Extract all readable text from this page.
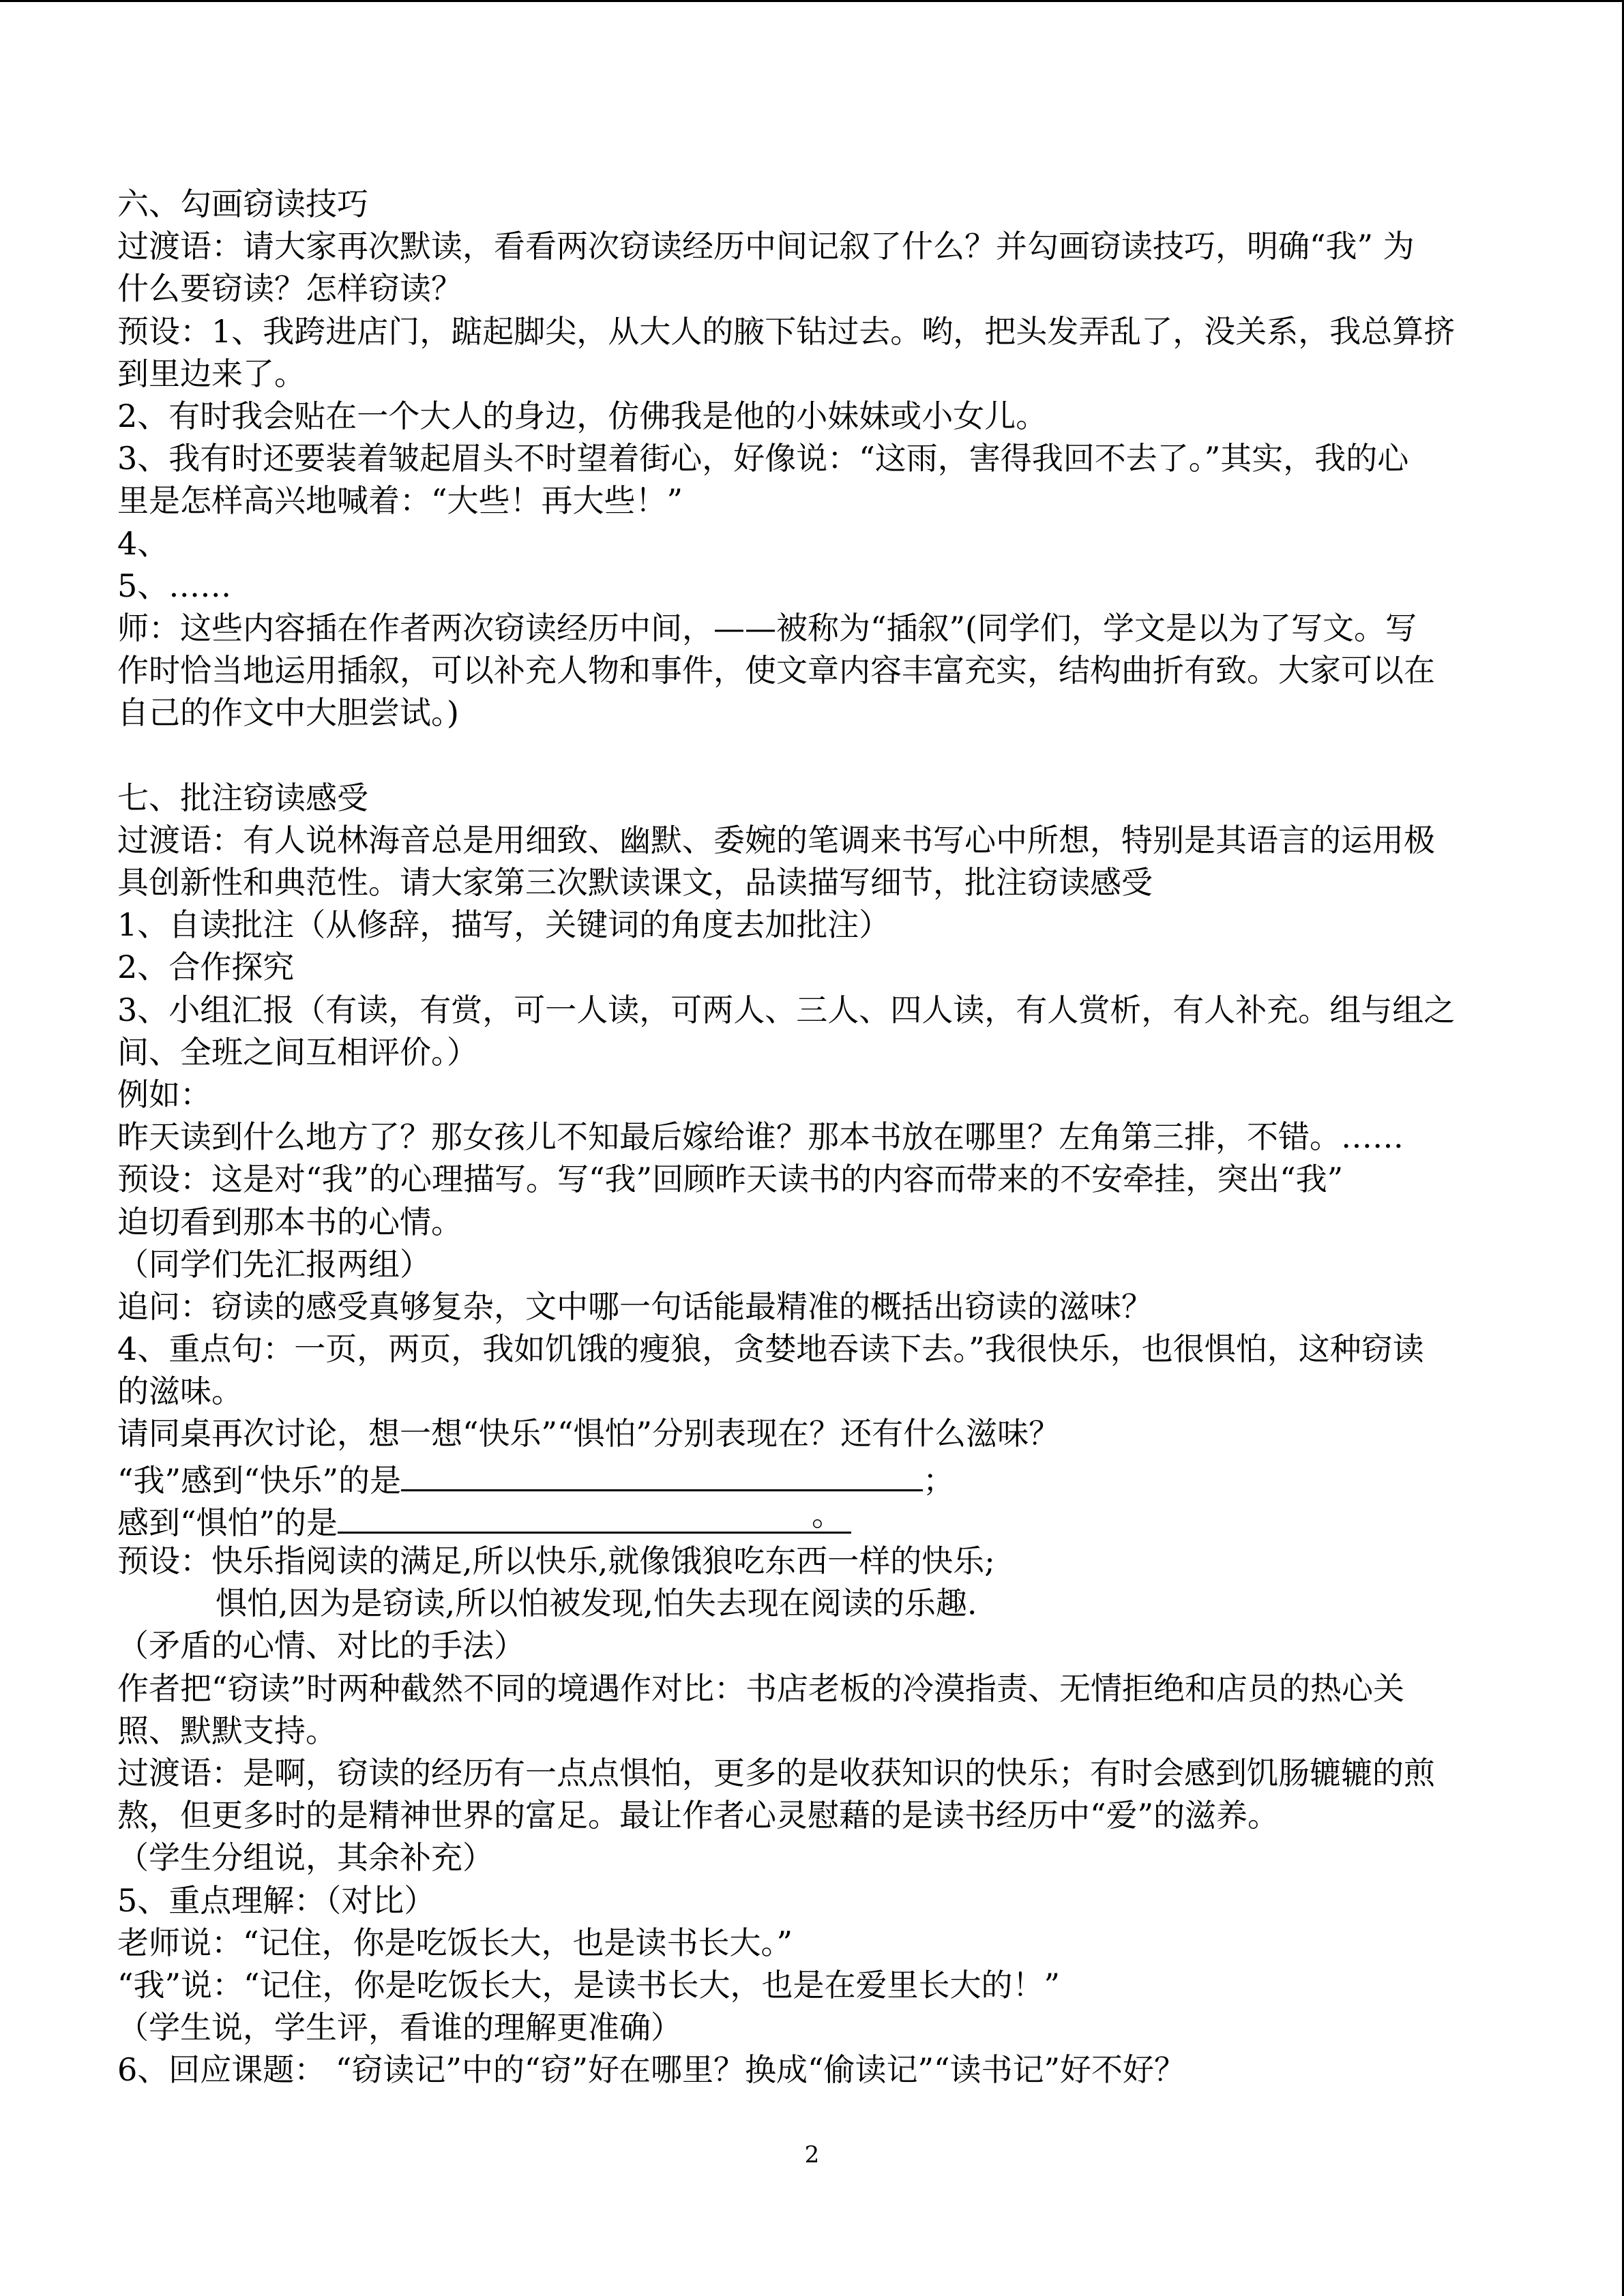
六、勾画窃读技巧
过渡语：请大家再次默读，看看两次窃读经历中间记叙了什么？并勾画窃读技巧，明确“我” 为
什么要窃读？怎样窃读？
预设：1、我跨进店门，踮起脚尖，从大人的腋下钻过去。哟，把头发弄乱了，没关系，我总算挤
到里边来了。
2、有时我会贴在一个大人的身边，仿佛我是他的小妹妹或小女儿。
3、我有时还要装着皱起眉头不时望着街心，好像说：“这雨，害得我回不去了。”其实，我的心
里是怎样高兴地喊着：“大些！再大些！”
4、
5、……
师：这些内容插在作者两次窃读经历中间，——被称为“插叙”(同学们，学文是以为了写文。写
作时恰当地运用插叙，可以补充人物和事件，使文章内容丰富充实，结构曲折有致。大家可以在
自己的作文中大胆尝试。)
七、批注窃读感受
过渡语：有人说林海音总是用细致、幽默、委婉的笔调来书写心中所想，特别是其语言的运用极
具创新性和典范性。请大家第三次默读课文，品读描写细节，批注窃读感受
1、自读批注（从修辞，描写，关键词的角度去加批注）
2、合作探究
3、小组汇报（有读，有赏，可一人读，可两人、三人、四人读，有人赏析，有人补充。组与组之
间、全班之间互相评价。）
例如：
昨天读到什么地方了？那女孩儿不知最后嫁给谁？那本书放在哪里？左角第三排，不错。……
预设：这是对“我”的心理描写。写“我”回顾昨天读书的内容而带来的不安牵挂，突出“我”
迫切看到那本书的心情。
（同学们先汇报两组）
追问：窃读的感受真够复杂，文中哪一句话能最精准的概括出窃读的滋味？
4、重点句：一页，两页，我如饥饿的瘦狼，贪婪地吞读下去。”我很快乐，也很惧怕，这种窃读
的滋味。
请同桌再次讨论，想一想“快乐”“惧怕”分别表现在？还有什么滋味？
“我”感到“快乐”的是	；
感到“惧怕”的是	。
预设：快乐指阅读的满足,所以快乐,就像饿狼吃东西一样的快乐;
惧怕,因为是窃读,所以怕被发现,怕失去现在阅读的乐趣.
（矛盾的心情、对比的手法）
作者把“窃读”时两种截然不同的境遇作对比：书店老板的冷漠指责、无情拒绝和店员的热心关
照、默默支持。
过渡语：是啊，窃读的经历有一点点惧怕，更多的是收获知识的快乐；有时会感到饥肠辘辘的煎
熬，但更多时的是精神世界的富足。最让作者心灵慰藉的是读书经历中“爱”的滋养。
（学生分组说，其余补充）
5、重点理解：（对比）
老师说：“记住，你是吃饭长大，也是读书长大。”
“我”说：“记住，你是吃饭长大，是读书长大，也是在爱里长大的！”
（学生说，学生评，看谁的理解更准确）
6、回应课题： “窃读记”中的“窃”好在哪里？换成“偷读记”“读书记”好不好？
2
